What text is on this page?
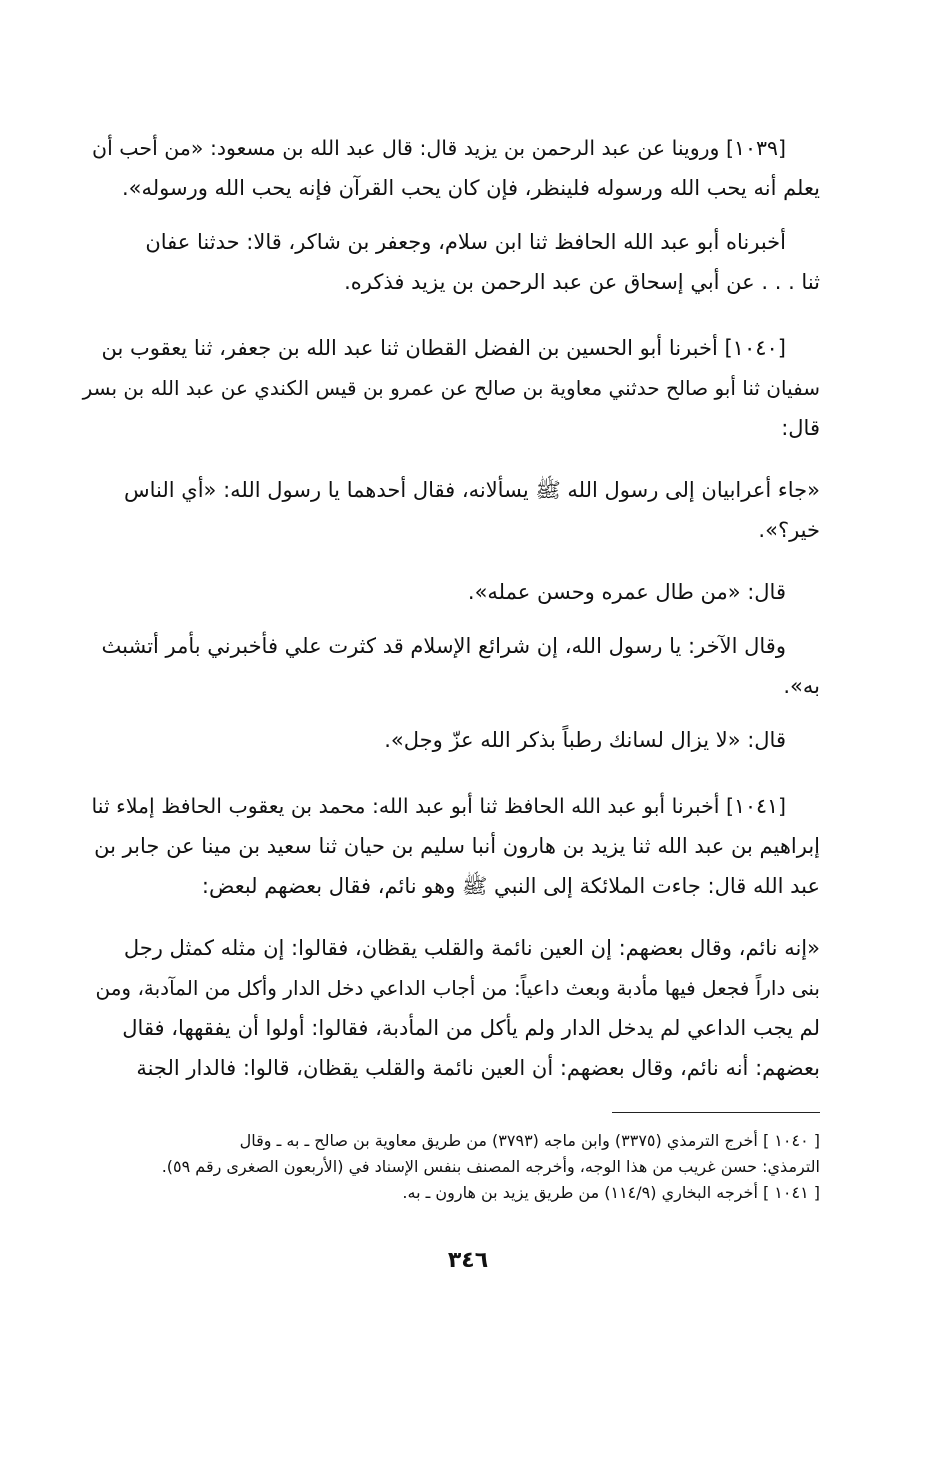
[١٠٣٩] وروينا عن عبد الرحمن بن يزيد قال: قال عبد الله بن مسعود: «من أحب أن
يعلم أنه يحب الله ورسوله فلينظر، فإن كان يحب القرآن فإنه يحب الله ورسوله».

أخبرناه أبو عبد الله الحافظ ثنا ابن سلام، وجعفر بن شاكر، قالا: حدثنا عفان
ثنا . . . عن أبي إسحاق عن عبد الرحمن بن يزيد فذكره.

[١٠٤٠] أخبرنا أبو الحسين بن الفضل القطان ثنا عبد الله بن جعفر، ثنا يعقوب بن
سفيان ثنا أبو صالح حدثني معاوية بن صالح عن عمرو بن قيس الكندي عن عبد الله بن بسر
قال:

«جاء أعرابيان إلى رسول الله ﷺ يسألانه، فقال أحدهما يا رسول الله: «أي الناس
خير؟».

قال: «من طال عمره وحسن عمله».

وقال الآخر: يا رسول الله، إن شرائع الإسلام قد كثرت علي فأخبرني بأمر أتشبث
به».

قال: «لا يزال لسانك رطباً بذكر الله عزّ وجل».

[١٠٤١] أخبرنا أبو عبد الله الحافظ ثنا أبو عبد الله: محمد بن يعقوب الحافظ إملاء ثنا
إبراهيم بن عبد الله ثنا يزيد بن هارون أنبا سليم بن حيان ثنا سعيد بن مينا عن جابر بن
عبد الله قال: جاءت الملائكة إلى النبي ﷺ وهو نائم، فقال بعضهم لبعض:

«إنه نائم، وقال بعضهم: إن العين نائمة والقلب يقظان، فقالوا: إن مثله كمثل رجل
بنى داراً فجعل فيها مأدبة وبعث داعياً: من أجاب الداعي دخل الدار وأكل من المآدبة، ومن
لم يجب الداعي لم يدخل الدار ولم يأكل من المأدبة، فقالوا: أولوا أن يفقهها، فقال
بعضهم: أنه نائم، وقال بعضهم: أن العين نائمة والقلب يقظان، قالوا: فالدار الجنة

[ ١٠٤٠ ] أخرج الترمذي (٣٣٧٥) وابن ماجه (٣٧٩٣) من طريق معاوية بن صالح ـ به ـ وقال
الترمذي: حسن غريب من هذا الوجه، وأخرجه المصنف بنفس الإسناد في (الأربعون الصغرى رقم ٥٩).
[ ١٠٤١ ] أخرجه البخاري (١١٤/٩) من طريق يزيد بن هارون ـ به.
٣٤٦
